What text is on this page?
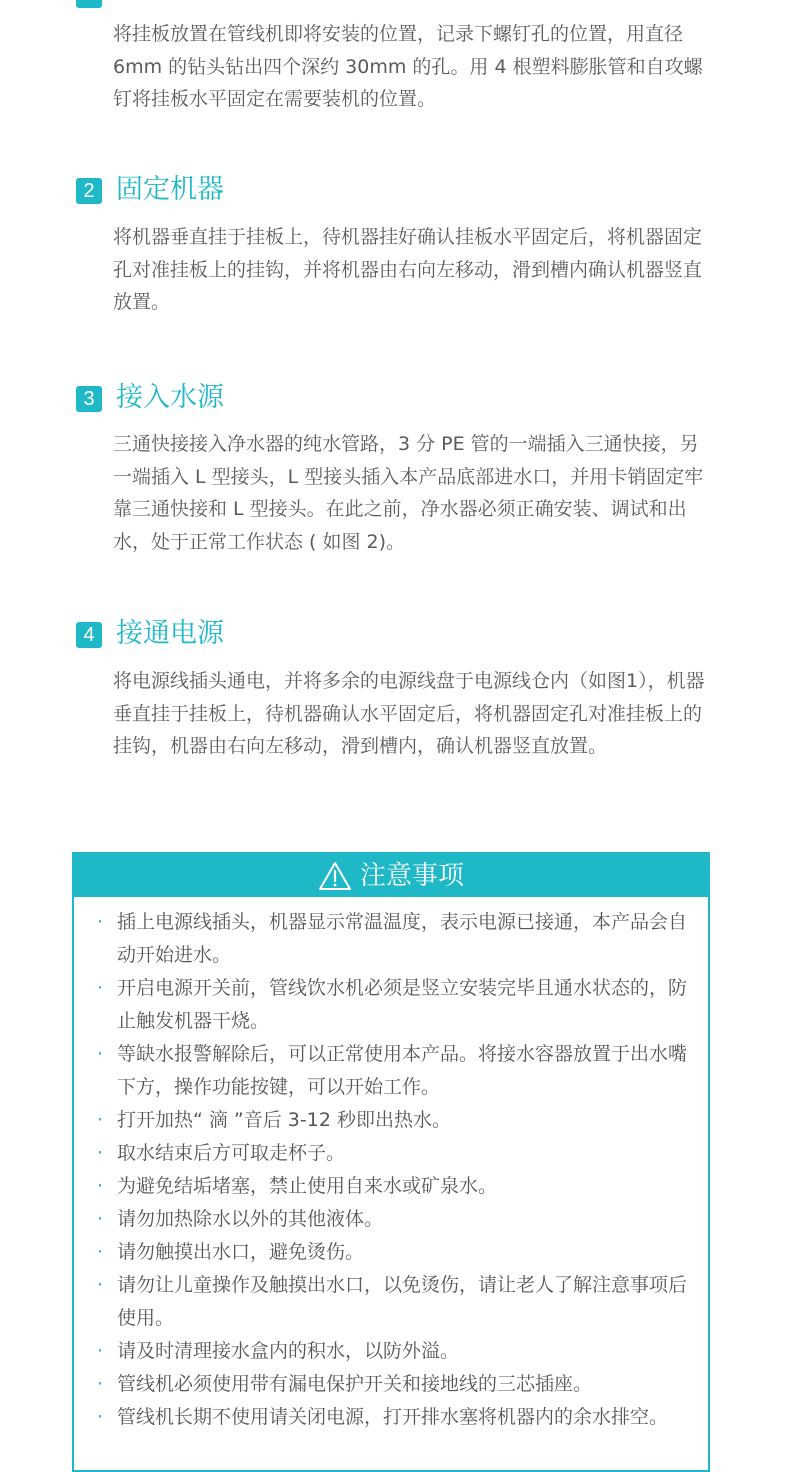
将挂板放置在管线机即将安装的位置，记录下螺钉孔的位置，用直径 6mm 的钻头钻出四个深约 30mm 的孔。用 4 根塑料膨胀管和自攻螺钉将挂板水平固定在需要装机的位置。
2 固定机器
将机器垂直挂于挂板上，待机器挂好确认挂板水平固定后，将机器固定孔对准挂板上的挂钩，并将机器由右向左移动，滑到槽内确认机器竖直放置。
3 接入水源
三通快接接入净水器的纯水管路，3 分 PE 管的一端插入三通快接，另一端插入 L 型接头，L 型接头插入本产品底部进水口，并用卡销固定牢靠三通快接和 L 型接头。在此之前，净水器必须正确安装、调试和出水，处于正常工作状态 ( 如图 2)。
4 接通电源
将电源线插头通电，并将多余的电源线盘于电源线仓内（如图1），机器垂直挂于挂板上，待机器确认水平固定后，将机器固定孔对准挂板上的挂钩，机器由右向左移动，滑到槽内，确认机器竖直放置。
注意事项
· 插上电源线插头，机器显示常温温度，表示电源已接通，本产品会自动开始进水。
· 开启电源开关前，管线饮水机必须是竖立安装完毕且通水状态的，防止触发机器干烧。
· 等缺水报警解除后，可以正常使用本产品。将接水容器放置于出水嘴下方，操作功能按键，可以开始工作。
· 打开加热“ 滴 ”音后 3-12 秒即出热水。
· 取水结束后方可取走杯子。
· 为避免结垢堵塞，禁止使用自来水或矿泉水。
· 请勿加热除水以外的其他液体。
· 请勿触摸出水口，避免烫伤。
· 请勿让儿童操作及触摸出水口，以免烫伤，请让老人了解注意事项后使用。
· 请及时清理接水盒内的积水，以防外溢。
· 管线机必须使用带有漏电保护开关和接地线的三芯插座。
· 管线机长期不使用请关闭电源，打开排水塞将机器内的余水排空。
